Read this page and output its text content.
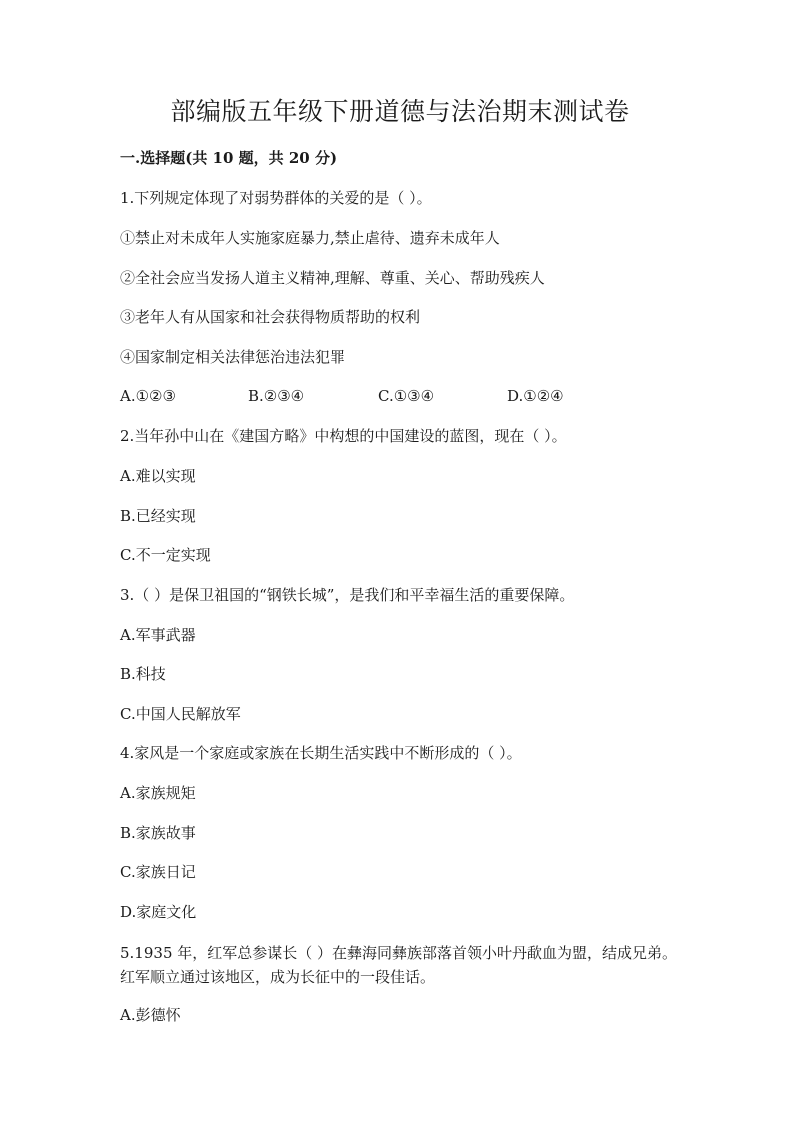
部编版五年级下册道德与法治期末测试卷
一.选择题(共 10 题，共 20 分)
1.下列规定体现了对弱势群体的关爱的是（ ）。
①禁止对未成年人实施家庭暴力,禁止虐待、遗弃未成年人
②全社会应当发扬人道主义精神,理解、尊重、关心、帮助残疾人
③老年人有从国家和社会获得物质帮助的权利
④国家制定相关法律惩治违法犯罪
A.①②③	B.②③④	C.①③④	D.①②④
2.当年孙中山在《建国方略》中构想的中国建设的蓝图，现在（ ）。
A.难以实现
B.已经实现
C.不一定实现
3.（ ）是保卫祖国的“钢铁长城”，是我们和平幸福生活的重要保障。
A.军事武器
B.科技
C.中国人民解放军
4.家风是一个家庭或家族在长期生活实践中不断形成的（ ）。
A.家族规矩
B.家族故事
C.家族日记
D.家庭文化
5.1935 年，红军总参谋长（ ）在彝海同彝族部落首领小叶丹歃血为盟，结成兄弟。红军顺立通过该地区，成为长征中的一段佳话。
A.彭德怀
